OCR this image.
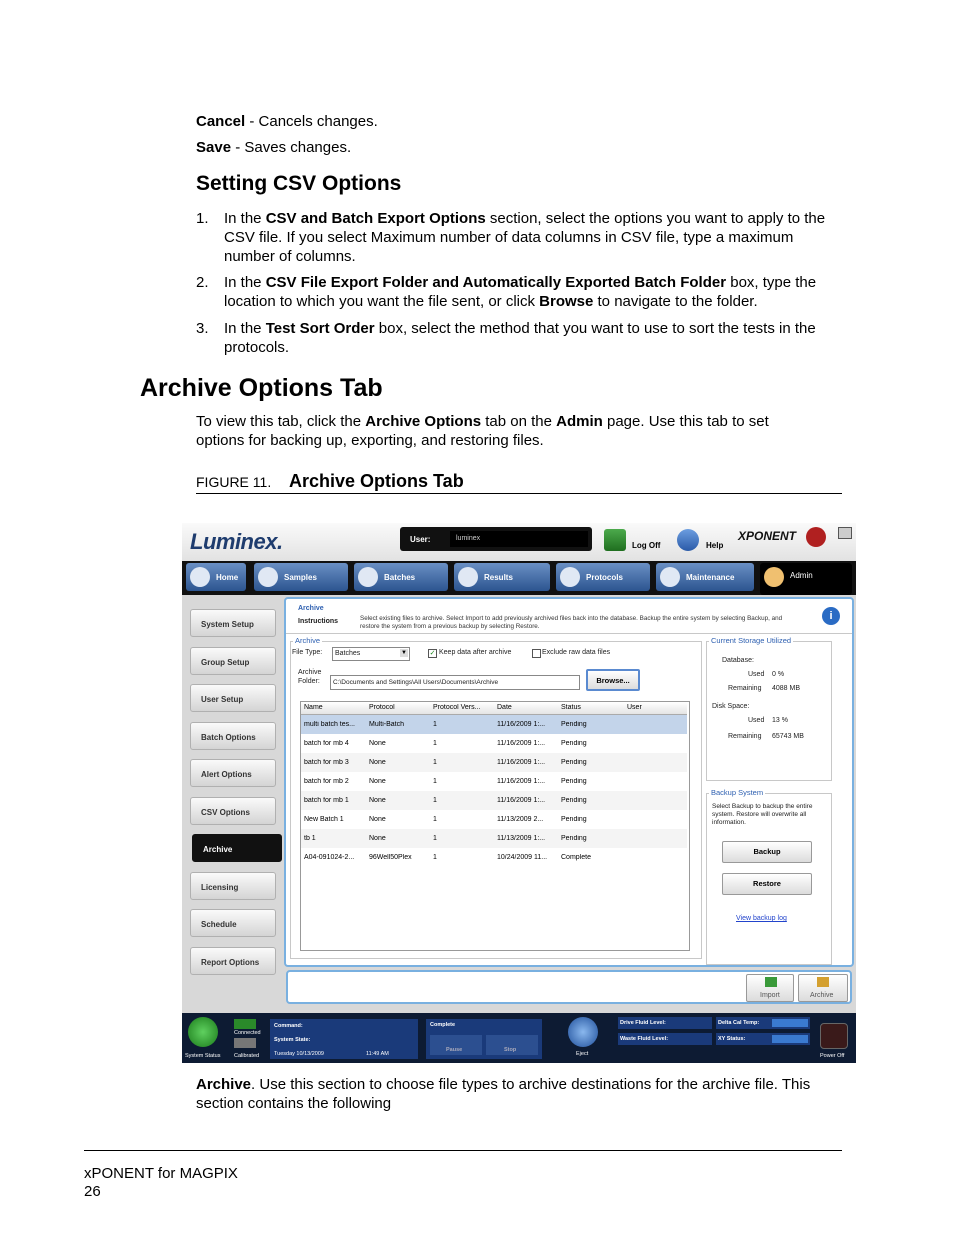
Cancel - Cancels changes.
Save - Saves changes.
Setting CSV Options
1. In the CSV and Batch Export Options section, select the options you want to apply to the CSV file. If you select Maximum number of data columns in CSV file, type a maximum number of columns.
2. In the CSV File Export Folder and Automatically Exported Batch Folder box, type the location to which you want the file sent, or click Browse to navigate to the folder.
3. In the Test Sort Order box, select the method that you want to use to sort the tests in the protocols.
Archive Options Tab
To view this tab, click the Archive Options tab on the Admin page. Use this tab to set options for backing up, exporting, and restoring files.
FIGURE 11. Archive Options Tab
Luminex.	User:	luminex
Log Off	Help
XPONENT
Home	Samples	Batches	Results	Protocols	Maintenance	Admin
System Setup
Group Setup
User Setup
Batch Options
Alert Options
CSV Options
Archive
Licensing
Schedule
Report Options
Archive
Instructions	Select existing files to archive. Select Import to add previously archived files back into the database. Backup the entire system by selecting Backup, and restore the system from a previous backup by selecting Restore.
i
Archive
File Type: Batches	▼	✓ Keep data after archive	Exclude raw data files
Archive
Folder: C:\Documents and Settings\All Users\Documents\Archive	Browse...
Name	Protocol	Protocol Vers... Date	Status	User
multi batch tes... Multi-Batch	1	11/16/2009 1:... Pending
batch for mb 4	None	1	11/16/2009 1:... Pending
batch for mb 3	None	1	11/16/2009 1:... Pending
batch for mb 2	None	1	11/16/2009 1:... Pending
batch for mb 1	None	1	11/16/2009 1:... Pending
New Batch 1	None	1	11/13/2009 2...	Pending
tb 1	None	1	11/13/2009 1:... Pending
A04-091024-2... 96Well50Plex	1	10/24/2009 11... Complete
Current Storage Utilized
Database:
Used 0 %
Remaining 4088 MB
Disk Space:
Used 13 %
Remaining 65743 MB
Backup System
Select Backup to backup the entire system. Restore will overwrite all information.
Backup
Restore
View backup log
Import	Archive
System Status
Connected
Calibrated
Command:
System State:
Tuesday 10/13/2009	11:49 AM
Complete
Pause	Stop
Eject
Drive Fluid Level:
Waste Fluid Level:
Delta Cal Temp:
XY Status:
Power Off
Archive. Use this section to choose file types to archive destinations for the archive file. This section contains the following
xPONENT for MAGPIX
26
